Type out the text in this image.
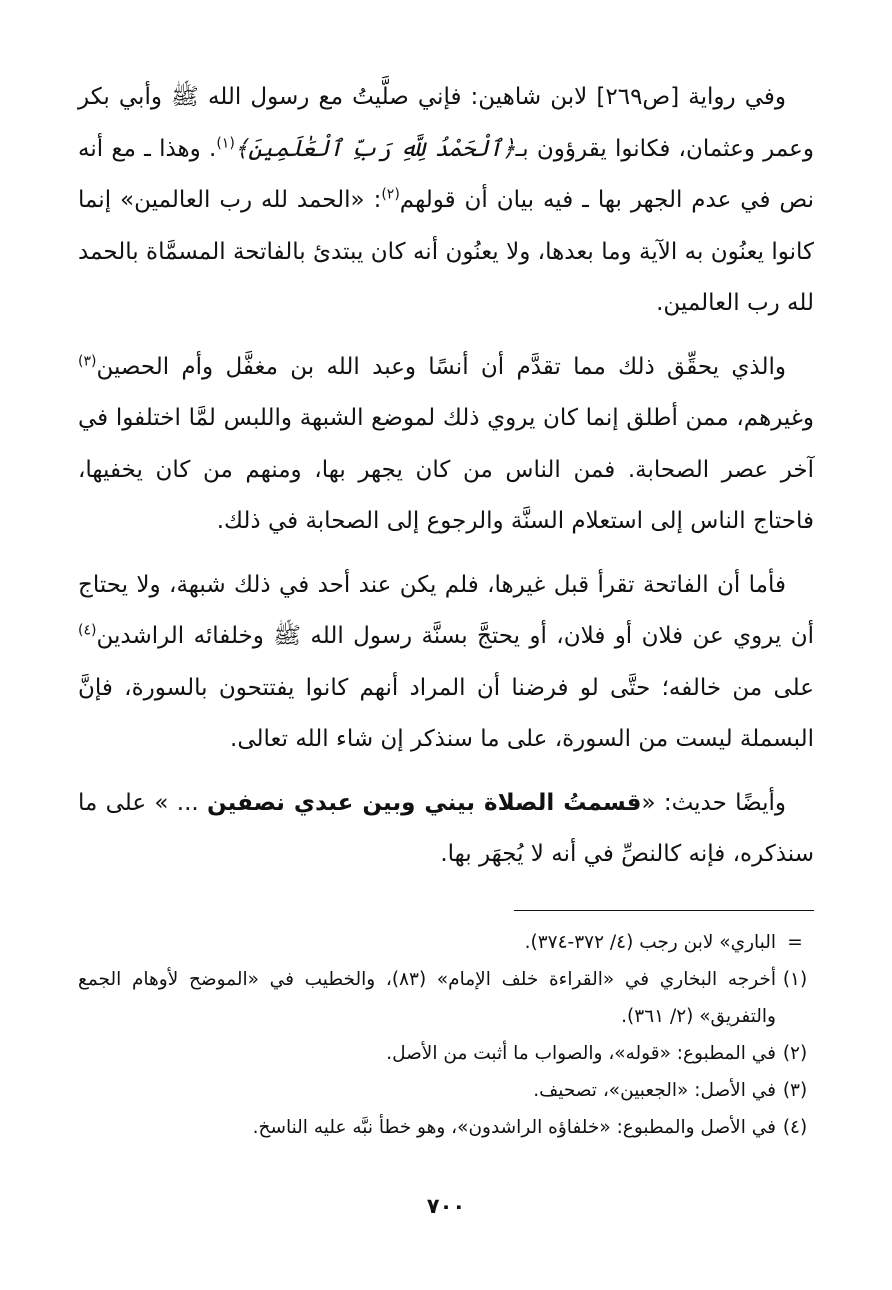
وفي رواية [ص٢٦٩] لابن شاهين: فإني صلَّيتُ مع رسول الله ﷺ وأبي بكر وعمر وعثمان، فكانوا يقرؤون بـ﴿ٱلْحَمْدُ لِلَّهِ رَبِّ ٱلْعَٰلَمِينَ﴾$^{(١)}$. وهذا ـ مع أنه نص في عدم الجهر بها ـ فيه بيان أن قولهم$^{(٢)}$: «الحمد لله رب العالمين» إنما كانوا يعنُون به الآية وما بعدها، ولا يعنُون أنه كان يبتدئ بالفاتحة المسمَّاة بالحمد لله رب العالمين.

والذي يحقِّق ذلك مما تقدَّم أن أنسًا وعبد الله بن مغفَّل وأم الحصين$^{(٣)}$ وغيرهم، ممن أطلق إنما كان يروي ذلك لموضع الشبهة واللبس لمَّا اختلفوا في آخر عصر الصحابة. فمن الناس من كان يجهر بها، ومنهم من كان يخفيها، فاحتاج الناس إلى استعلام السنَّة والرجوع إلى الصحابة في ذلك.

فأما أن الفاتحة تقرأ قبل غيرها، فلم يكن عند أحد في ذلك شبهة، ولا يحتاج أن يروي عن فلان أو فلان، أو يحتجَّ بسنَّة رسول الله ﷺ وخلفائه الراشدين$^{(٤)}$ على من خالفه؛ حتَّى لو فرضنا أن المراد أنهم كانوا يفتتحون بالسورة، فإنَّ البسملة ليست من السورة، على ما سنذكر إن شاء الله تعالى.

وأيضًا حديث: «قسمتُ الصلاة بيني وبين عبدي نصفين ... » على ما سنذكره، فإنه كالنصِّ في أنه لا يُجهَر بها.

=
الباري» لابن رجب (٤/ ٣٧٢-٣٧٤).
(١)
أخرجه البخاري في «القراءة خلف الإمام» (٨٣)، والخطيب في «الموضح لأوهام الجمع والتفريق» (٢/ ٣٦١).
(٢)
في المطبوع: «قوله»، والصواب ما أثبت من الأصل.
(٣)
في الأصل: «الجعبين»، تصحيف.
(٤)
في الأصل والمطبوع: «خلفاؤه الراشدون»، وهو خطأ نبَّه عليه الناسخ.
٧٠٠
